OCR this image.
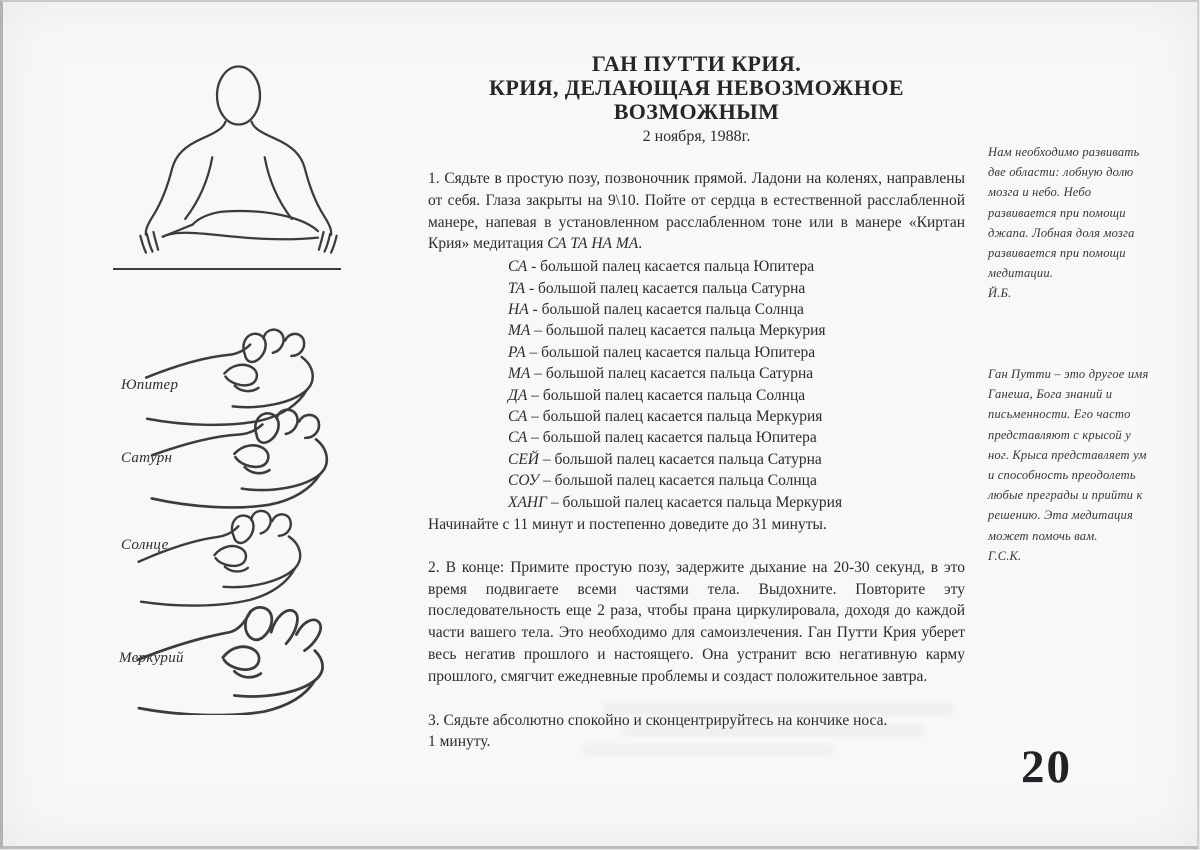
Юпитер
Сатурн
Солнце
Меркурий
ГАН ПУТТИ КРИЯ.
КРИЯ, ДЕЛАЮЩАЯ НЕВОЗМОЖНОЕ
ВОЗМОЖНЫМ
2 ноября, 1988г.

1. Сядьте в простую позу, позвоночник прямой. Ладони на коленях, направлены от себя. Глаза закрыты на 9\10. Пойте от сердца в естественной расслабленной манере, напевая в установленном расслабленном тоне или в манере «Киртан Крия» медитация СА ТА НА МА.

СА - большой палец касается пальца Юпитера
ТА - большой палец касается пальца Сатурна
НА - большой палец касается пальца Солнца
МА – большой палец касается пальца Меркурия
РА – большой палец касается пальца Юпитера
МА – большой палец касается пальца Сатурна
ДА – большой палец касается пальца Солнца
СА – большой палец касается пальца Меркурия
СА – большой палец касается пальца Юпитера
СЕЙ – большой палец касается пальца Сатурна
СОУ – большой палец касается пальца Солнца
ХАНГ – большой палец касается пальца Меркурия
Начинайте с 11 минут и постепенно доведите до 31 минуты.

2. В конце: Примите простую позу, задержите дыхание на 20-30 секунд, в это время подвигаете всеми частями тела. Выдохните. Повторите эту последовательность еще 2 раза, чтобы прана циркулировала, доходя до каждой части вашего тела. Это необходимо для самоизлечения. Ган Путти Крия уберет весь негатив прошлого и настоящего. Она устранит всю негативную карму прошлого, смягчит ежедневные проблемы и создаст положительное завтра.

3. Сядьте абсолютно спокойно и сконцентрируйтесь на кончике носа.
1 минуту.

Нам необходимо развивать две области: лобную долю мозга и небо. Небо развивается при помощи джапа. Лобная доля мозга развивается при помощи медитации.
Й.Б.
Ган Путти – это другое имя Ганеша, Бога знаний и письменности. Его часто представляют с крысой у ног. Крыса представляет ум и способность преодолеть любые преграды и прийти к решению. Эта медитация может помочь вам.
Г.С.К.
20
